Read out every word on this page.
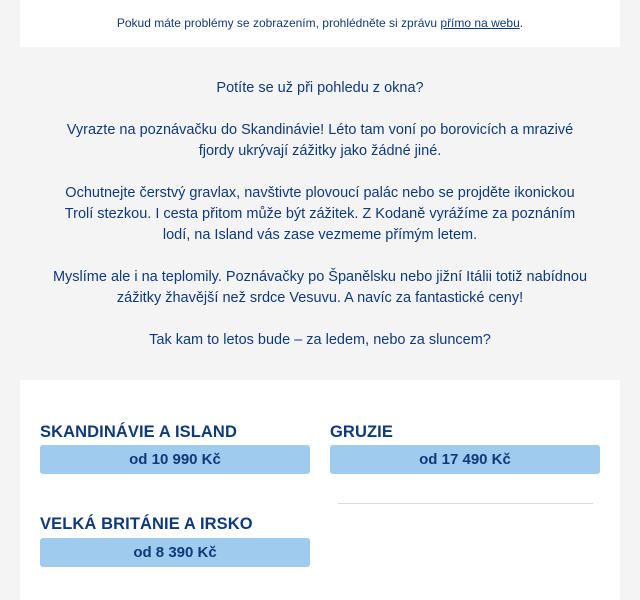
Pokud máte problémy se zobrazením, prohlédněte si zprávu přímo na webu.

Potíte se už při pohledu z okna?

Vyrazte na poznávačku do Skandinávie! Léto tam voní po borovicích a mrazivé fjordy ukrývají zážitky jako žádné jiné.

Ochutnejte čerstvý gravlax, navštivte plovoucí palác nebo se projděte ikonickou Trolí stezkou. I cesta přitom může být zážitek. Z Kodaně vyrážíme za poznáním lodí, na Island vás zase vezmeme přímým letem.

Myslíme ale i na teplomily. Poznávačky po Španělsku nebo jižní Itálii totiž nabídnou zážitky žhavější než srdce Vesuvu. A navíc za fantastické ceny!

Tak kam to letos bude – za ledem, nebo za sluncem?

SKANDINÁVIE A ISLAND
od 10 990 Kč
GRUZIE
od 17 490 Kč
VELKÁ BRITÁNIE A IRSKO
od 8 390 Kč
